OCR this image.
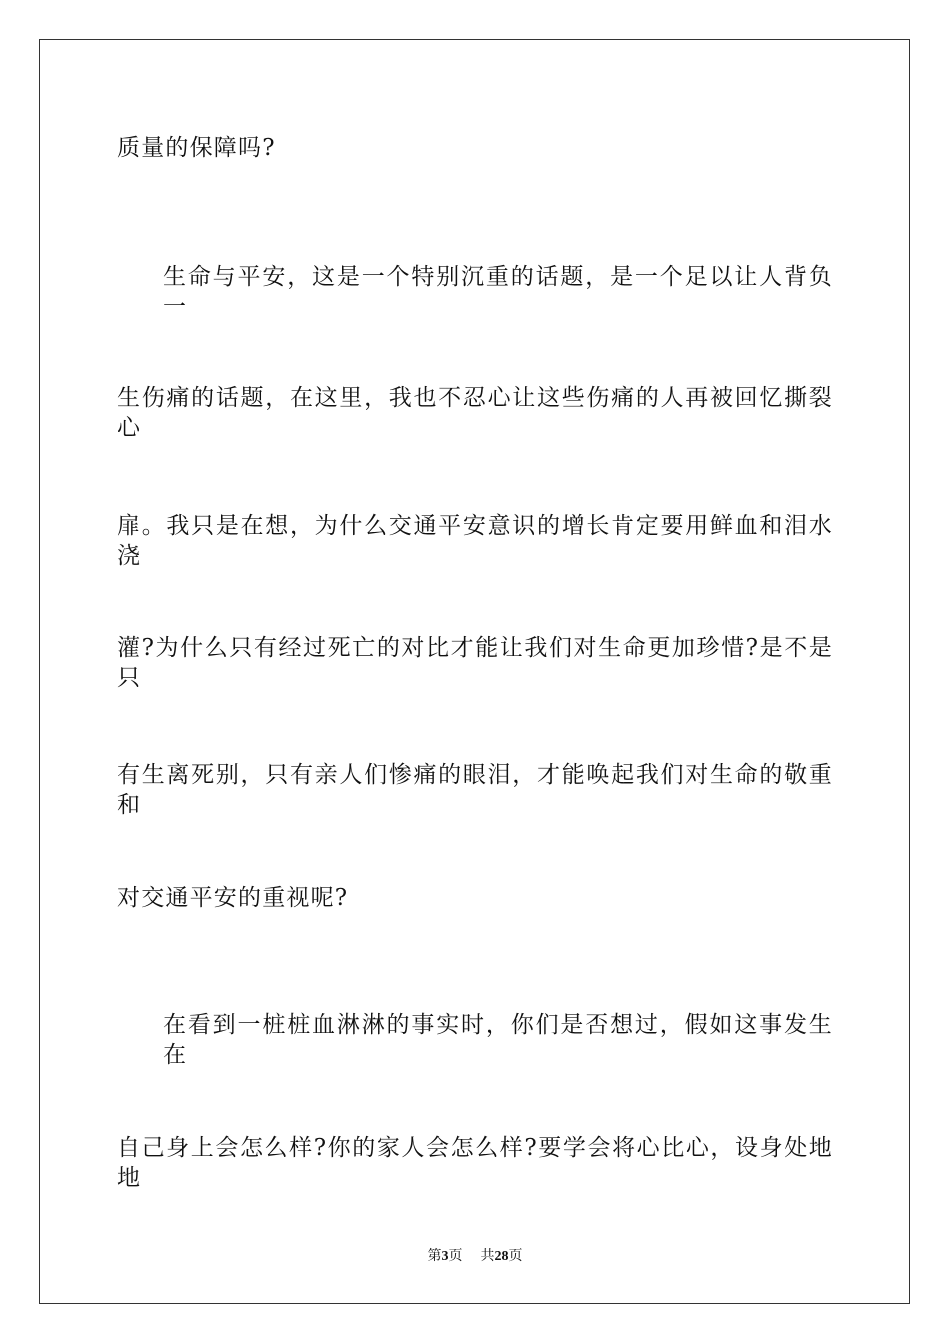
质量的保障吗?
生命与平安，这是一个特别沉重的话题，是一个足以让人背负一
生伤痛的话题，在这里，我也不忍心让这些伤痛的人再被回忆撕裂心
扉。我只是在想，为什么交通平安意识的增长肯定要用鲜血和泪水浇
灌?为什么只有经过死亡的对比才能让我们对生命更加珍惜?是不是只
有生离死别，只有亲人们惨痛的眼泪，才能唤起我们对生命的敬重和
对交通平安的重视呢?
在看到一桩桩血淋淋的事实时，你们是否想过，假如这事发生在
自己身上会怎么样?你的家人会怎么样?要学会将心比心，设身处地地
第3页 共28页
